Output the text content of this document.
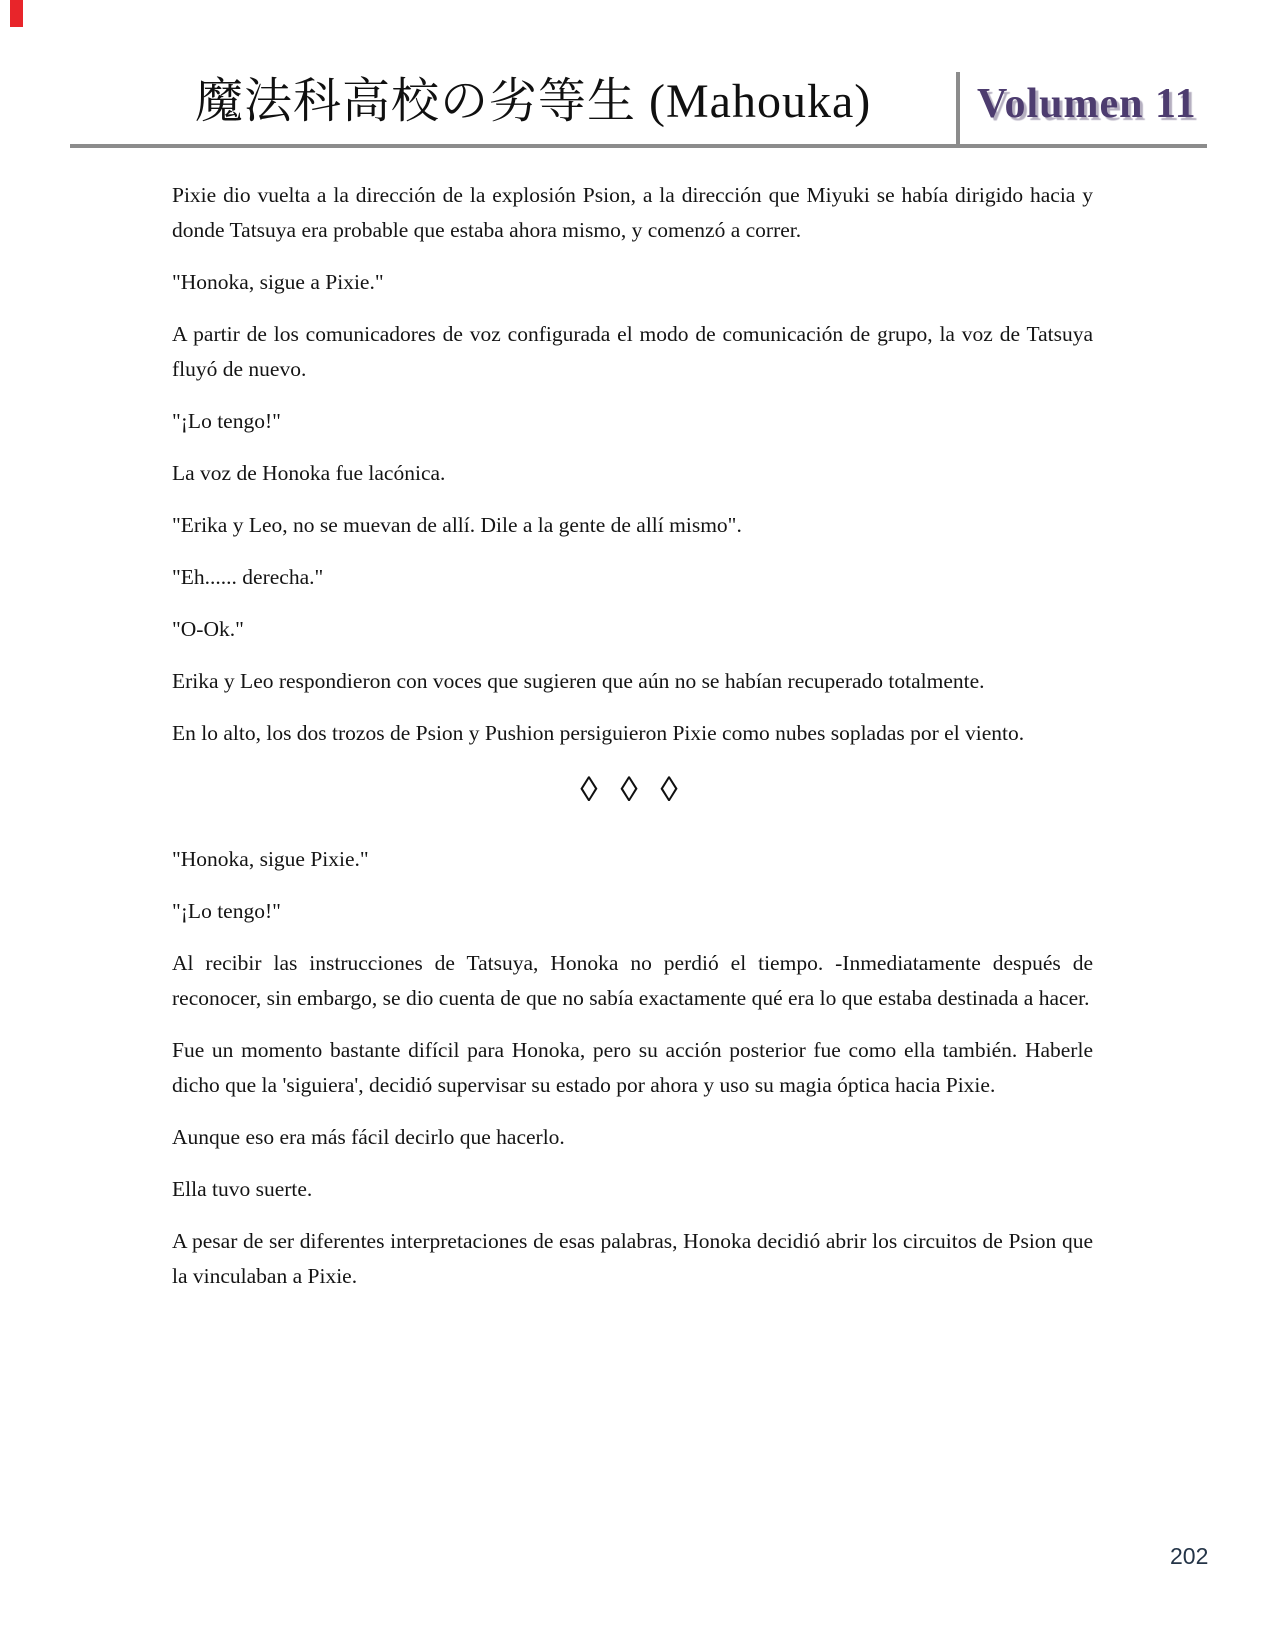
魔法科高校の劣等生 (Mahouka)	Volumen 11

Pixie dio vuelta a la dirección de la explosión Psion, a la dirección que Miyuki se había dirigido hacia y donde Tatsuya era probable que estaba ahora mismo, y comenzó a correr.

"Honoka, sigue a Pixie."

A partir de los comunicadores de voz configurada el modo de comunicación de grupo, la voz de Tatsuya fluyó de nuevo.

"¡Lo tengo!"

La voz de Honoka fue lacónica.

"Erika y Leo, no se muevan de allí. Dile a la gente de allí mismo".

"Eh...... derecha."

"O-Ok."

Erika y Leo respondieron con voces que sugieren que aún no se habían recuperado totalmente.

En lo alto, los dos trozos de Psion y Pushion persiguieron Pixie como nubes sopladas por el viento.

◊ ◊ ◊

"Honoka, sigue Pixie."

"¡Lo tengo!"

Al recibir las instrucciones de Tatsuya, Honoka no perdió el tiempo. -Inmediatamente después de reconocer, sin embargo, se dio cuenta de que no sabía exactamente qué era lo que estaba destinada a hacer.

Fue un momento bastante difícil para Honoka, pero su acción posterior fue como ella también. Haberle dicho que la 'siguiera', decidió supervisar su estado por ahora y uso su magia óptica hacia Pixie.

Aunque eso era más fácil decirlo que hacerlo.

Ella tuvo suerte.

A pesar de ser diferentes interpretaciones de esas palabras, Honoka decidió abrir los circuitos de Psion que la vinculaban a Pixie.

202
